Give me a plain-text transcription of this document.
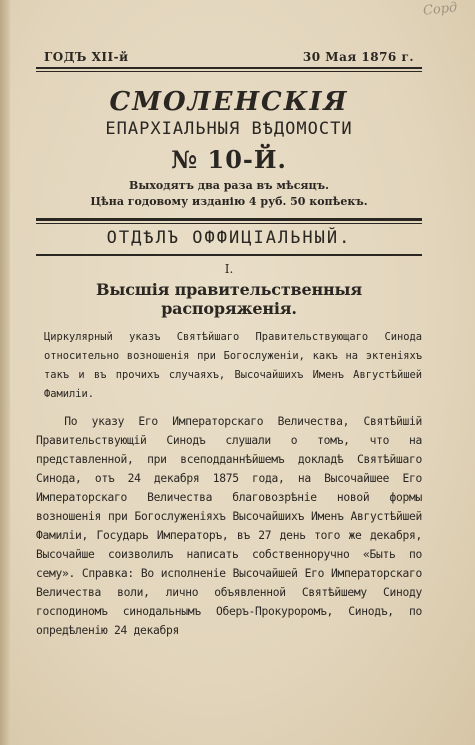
Сорд
ГОДЪ XII-й	30 Мая 1876 г.
СМОЛЕНСКІЯ
ЕПАРХІАЛЬНЫЯ ВѢДОМОСТИ
№ 10-Й.
Выходятъ два раза въ мѣсяцъ.
Цѣна годовому изданію 4 руб. 50 копѣекъ.
ОТДѢЛЪ ОФФИЦІАЛЬНЫЙ.
I.
Высшія правительственныя распоряженія.
Циркулярный указъ Святѣйшаго Правительствующаго Синода относительно возношенія при Богослуженіи, какъ на эктеніяхъ такъ и въ прочихъ случаяхъ, Высочайшихъ Именъ Августѣйшей Фамиліи.
По указу Его Императорскаго Величества, Святѣйшій Правительствующій Синодъ слушали о томъ, что на представленной, при всеподданнѣйшемъ докладѣ Святѣйшаго Синода, отъ 24 декабря 1875 года, на Высочайшее Его Императорскаго Величества благовозрѣніе новой формы возношенія при Богослуженіяхъ Высочайшихъ Именъ Августѣйшей Фамиліи, Государь Императоръ, въ 27 день того же декабря, Высочайше соизволилъ написать собственноручно «Быть по сему». Справка: Во исполненіе Высочайшей Его Императорскаго Величества воли, лично объявленной Святѣйшему Синоду господиномъ синодальнымъ Оберъ-Прокуроромъ, Синодъ, по опредѣленію 24 декабря
